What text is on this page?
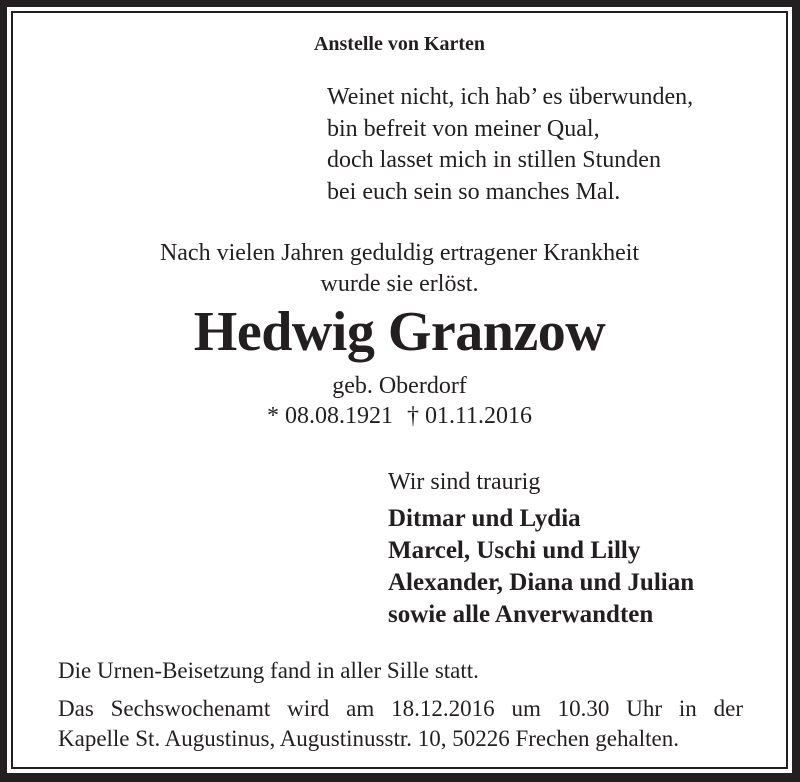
Anstelle von Karten

Weinet nicht, ich hab’ es überwunden,
bin befreit von meiner Qual,
doch lasset mich in stillen Stunden
bei euch sein so manches Mal.
Nach vielen Jahren geduldig ertragener Krankheit
wurde sie erlöst.
Hedwig Granzow
geb. Oberdorf
* 08.08.1921 † 01.11.2016
Wir sind traurig
Ditmar und Lydia
Marcel, Uschi und Lilly
Alexander, Diana und Julian
sowie alle Anverwandten

Die Urnen-Beisetzung fand in aller Sille statt.

Das Sechswochenamt wird am 18.12.2016 um 10.30 Uhr in der
Kapelle St. Augustinus, Augustinusstr. 10, 50226 Frechen gehalten.
